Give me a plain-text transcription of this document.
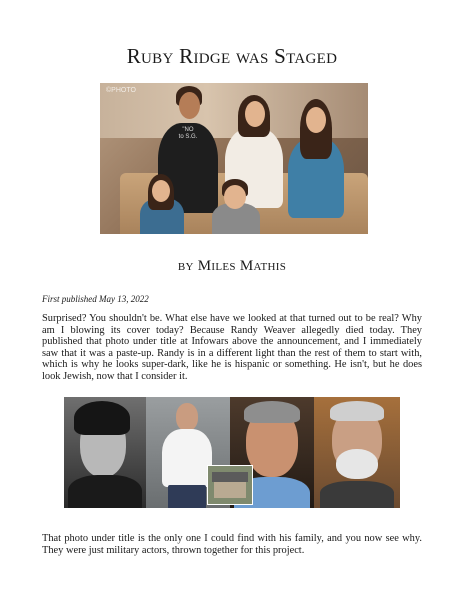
Ruby Ridge was Staged
©PHOTO
"NO
to S.G.
by Miles Mathis
First published May 13, 2022
Surprised? You shouldn't be. What else have we looked at that turned out to be real? Why am I blowing its cover today? Because Randy Weaver allegedly died today. They published that photo under title at Infowars above the announcement, and I immediately saw that it was a paste-up. Randy is in a different light than the rest of them to start with, which is why he looks super-dark, like he is hispanic or something. He isn't, but he does look Jewish, now that I consider it.
That photo under title is the only one I could find with his family, and you now see why. They were just military actors, thrown together for this project.
